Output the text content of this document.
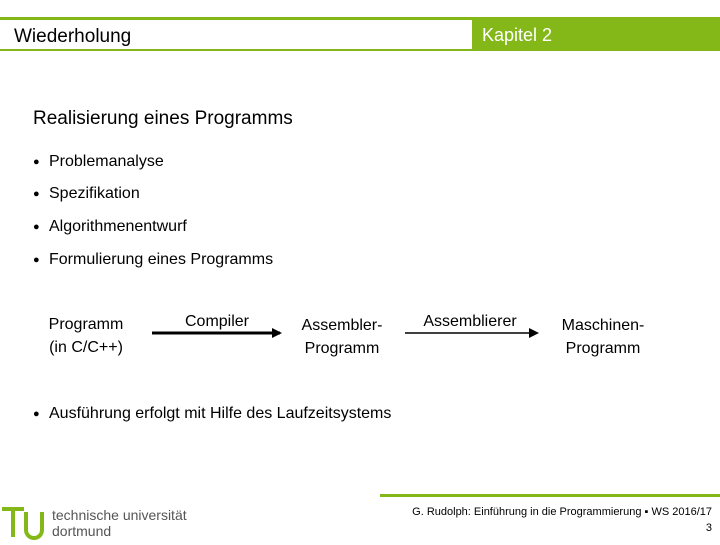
Wiederholung	Kapitel 2
Realisierung eines Programms
● Problemanalyse
● Spezifikation
● Algorithmenentwurf
● Formulierung eines Programms
Programm
(in C/C++)
Compiler	Assembler-
Programm
Assemblierer	Maschinen-
Programm
● Ausführung erfolgt mit Hilfe des Laufzeitsystems
technische universität
dortmund
G. Rudolph: Einführung in die Programmierung ▪ WS 2016/17
3
